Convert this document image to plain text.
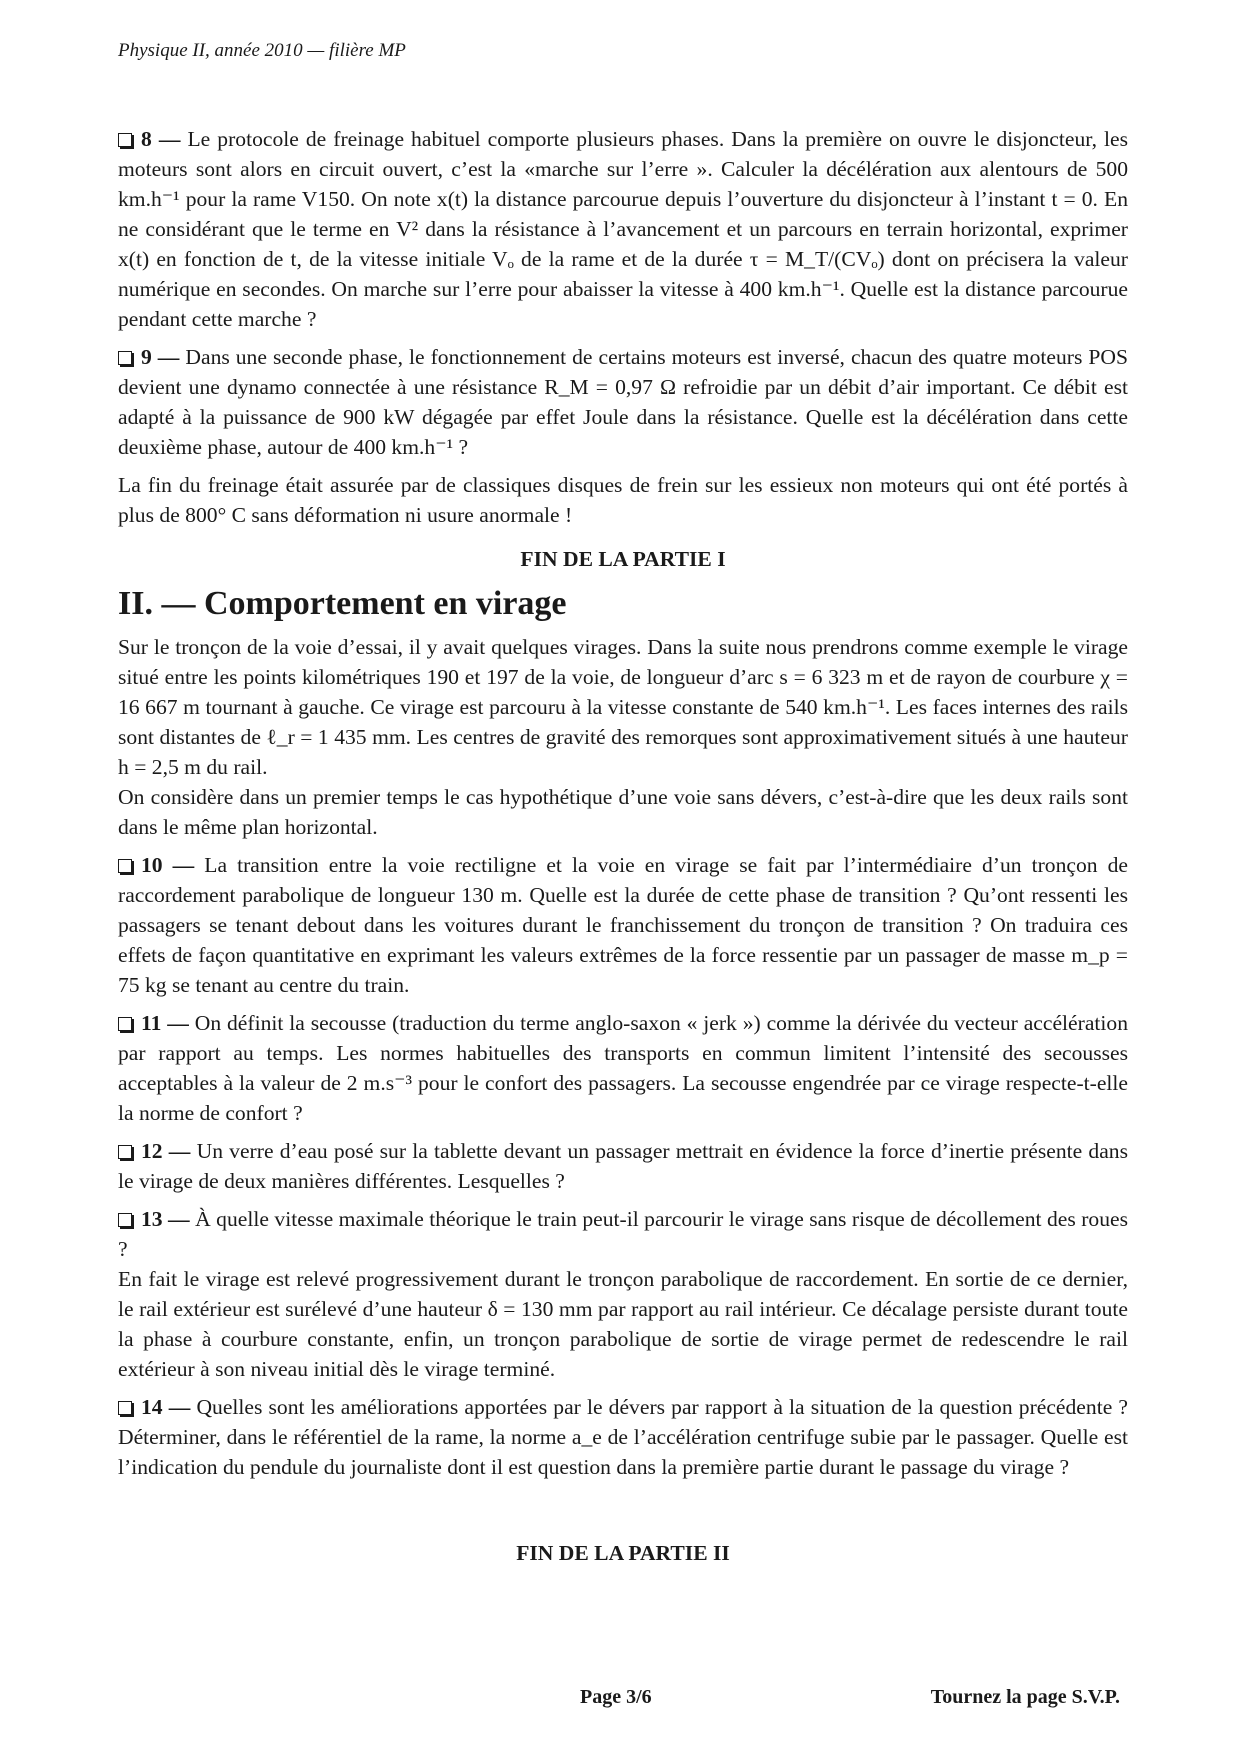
Physique II, année 2010 — filière MP

8 — Le protocole de freinage habituel comporte plusieurs phases. Dans la première on ouvre le disjoncteur, les moteurs sont alors en circuit ouvert, c’est la «marche sur l’erre ». Calculer la décélération aux alentours de 500 km.h⁻¹ pour la rame V150. On note x(t) la distance parcourue depuis l’ouverture du disjoncteur à l’instant t = 0. En ne considérant que le terme en V² dans la résistance à l’avancement et un parcours en terrain horizontal, exprimer x(t) en fonction de t, de la vitesse initiale Vₒ de la rame et de la durée τ = M_T/(CVₒ) dont on précisera la valeur numérique en secondes. On marche sur l’erre pour abaisser la vitesse à 400 km.h⁻¹. Quelle est la distance parcourue pendant cette marche ?

9 — Dans une seconde phase, le fonctionnement de certains moteurs est inversé, chacun des quatre moteurs POS devient une dynamo connectée à une résistance R_M = 0,97 Ω refroidie par un débit d’air important. Ce débit est adapté à la puissance de 900 kW dégagée par effet Joule dans la résistance. Quelle est la décélération dans cette deuxième phase, autour de 400 km.h⁻¹ ?

La fin du freinage était assurée par de classiques disques de frein sur les essieux non moteurs qui ont été portés à plus de 800° C sans déformation ni usure anormale !

FIN DE LA PARTIE I
II. — Comportement en virage

Sur le tronçon de la voie d’essai, il y avait quelques virages. Dans la suite nous prendrons comme exemple le virage situé entre les points kilométriques 190 et 197 de la voie, de longueur d’arc s = 6 323 m et de rayon de courbure χ = 16 667 m tournant à gauche. Ce virage est parcouru à la vitesse constante de 540 km.h⁻¹. Les faces internes des rails sont distantes de ℓ_r = 1 435 mm. Les centres de gravité des remorques sont approximativement situés à une hauteur h = 2,5 m du rail.

On considère dans un premier temps le cas hypothétique d’une voie sans dévers, c’est-à-dire que les deux rails sont dans le même plan horizontal.

10 — La transition entre la voie rectiligne et la voie en virage se fait par l’intermédiaire d’un tronçon de raccordement parabolique de longueur 130 m. Quelle est la durée de cette phase de transition ? Qu’ont ressenti les passagers se tenant debout dans les voitures durant le franchissement du tronçon de transition ? On traduira ces effets de façon quantitative en exprimant les valeurs extrêmes de la force ressentie par un passager de masse m_p = 75 kg se tenant au centre du train.

11 — On définit la secousse (traduction du terme anglo-saxon « jerk ») comme la dérivée du vecteur accélération par rapport au temps. Les normes habituelles des transports en commun limitent l’intensité des secousses acceptables à la valeur de 2 m.s⁻³ pour le confort des passagers. La secousse engendrée par ce virage respecte-t-elle la norme de confort ?

12 — Un verre d’eau posé sur la tablette devant un passager mettrait en évidence la force d’inertie présente dans le virage de deux manières différentes. Lesquelles ?

13 — À quelle vitesse maximale théorique le train peut-il parcourir le virage sans risque de décollement des roues ?

En fait le virage est relevé progressivement durant le tronçon parabolique de raccordement. En sortie de ce dernier, le rail extérieur est surélevé d’une hauteur δ = 130 mm par rapport au rail intérieur. Ce décalage persiste durant toute la phase à courbure constante, enfin, un tronçon parabolique de sortie de virage permet de redescendre le rail extérieur à son niveau initial dès le virage terminé.

14 — Quelles sont les améliorations apportées par le dévers par rapport à la situation de la question précédente ? Déterminer, dans le référentiel de la rame, la norme a_e de l’accélération centrifuge subie par le passager. Quelle est l’indication du pendule du journaliste dont il est question dans la première partie durant le passage du virage ?

FIN DE LA PARTIE II
Page 3/6	Tournez la page S.V.P.
